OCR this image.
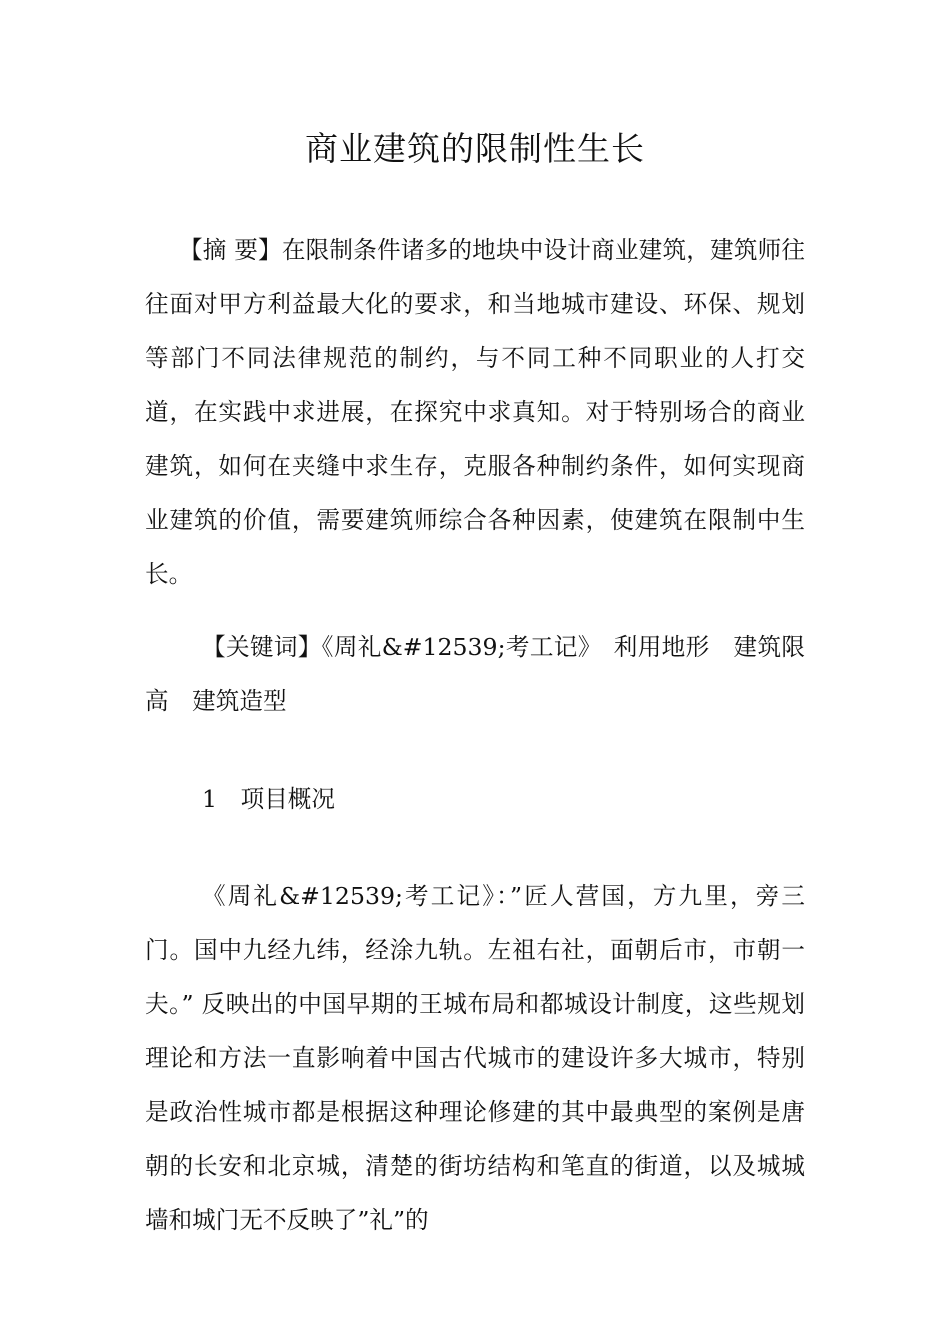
商业建筑的限制性生长

【摘 要】在限制条件诸多的地块中设计商业建筑，建筑师往往面对甲方利益最大化的要求，和当地城市建设、环保、规划等部门不同法律规范的制约，与不同工种不同职业的人打交道，在实践中求进展，在探究中求真知。对于特别场合的商业建筑，如何在夹缝中求生存，克服各种制约条件，如何实现商业建筑的价值，需要建筑师综合各种因素，使建筑在限制中生长。

【关键词】《周礼&#12539;考工记》　利用地形　建筑限高　建筑造型

1　项目概况

《周礼&#12539;考工记》：”匠人营国，方九里，旁三门。国中九经九纬，经涂九轨。左祖右社，面朝后市，市朝一夫。” 反映出的中国早期的王城布局和都城设计制度，这些规划理论和方法一直影响着中国古代城市的建设许多大城市，特别是政治性城市都是根据这种理论修建的其中最典型的案例是唐朝的长安和北京城，清楚的街坊结构和笔直的街道，以及城城墙和城门无不反映了”礼”的
